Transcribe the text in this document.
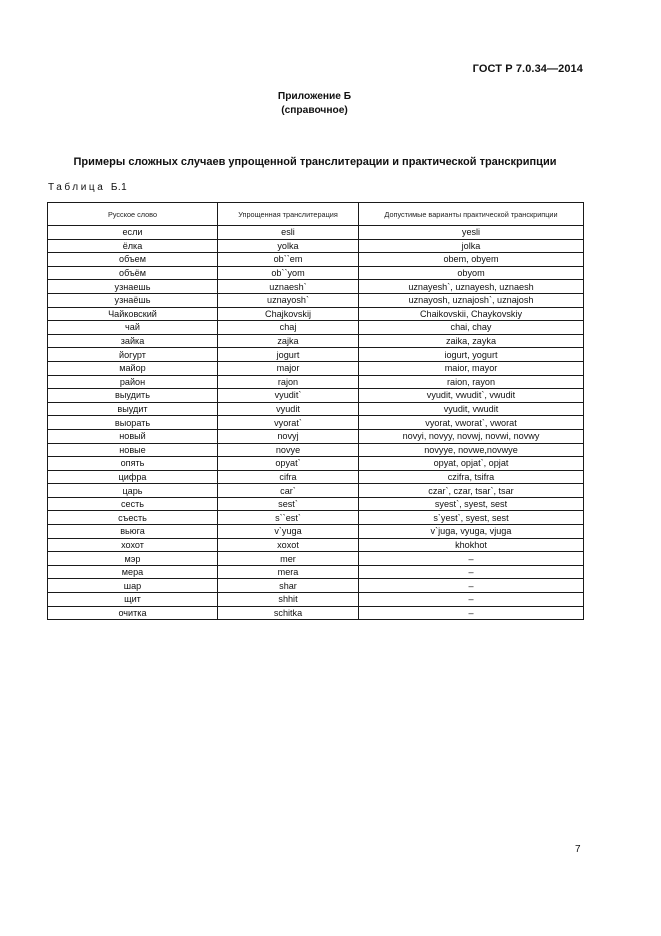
ГОСТ Р 7.0.34—2014
Приложение Б
(справочное)
Примеры сложных случаев упрощенной транслитерации и практической транскрипции
Таблица Б.1
Русское слово	Упрощенная транслитерация	Допустимые варианты практической транскрипции
если	esli	yesli
ёлка	yolka	jolka
объем	ob``em	obem, obyem
объём	ob``yom	obyom
узнаешь	uznaesh`	uznayesh`, uznayesh, uznaesh
узнаёшь	uznayosh`	uznayosh, uznajosh`, uznajosh
Чайковский	Chajkovskij	Chaikovskii, Chaykovskiy
чай	chaj	chai, chay
зайка	zajka	zaika, zayka
йогурт	jogurt	iogurt, yogurt
майор	major	maior, mayor
район	rajon	raion, rayon
выудить	vyudit`	vyudit, vwudit`, vwudit
выудит	vyudit	vyudit, vwudit
выорать	vyorat`	vyorat, vworat`, vworat
новый	novyj	novyi, novyy, novwj, novwi, novwy
новые	novye	novyye, novwe,novwye
опять	opyat`	opyat, opjat`, opjat
цифра	cifra	czifra, tsifra
царь	car`	czar`, czar, tsar`, tsar
сесть	sest`	syest`, syest, sest
съесть	s``est`	s`yest`, syest, sest
вьюга	v`yuga	v`juga, vyuga, vjuga
хохот	xoxot	khokhot
мэр	mer	–
мера	mera	–
шар	shar	–
щит	shhit	–
очитка	schitka	–
7
